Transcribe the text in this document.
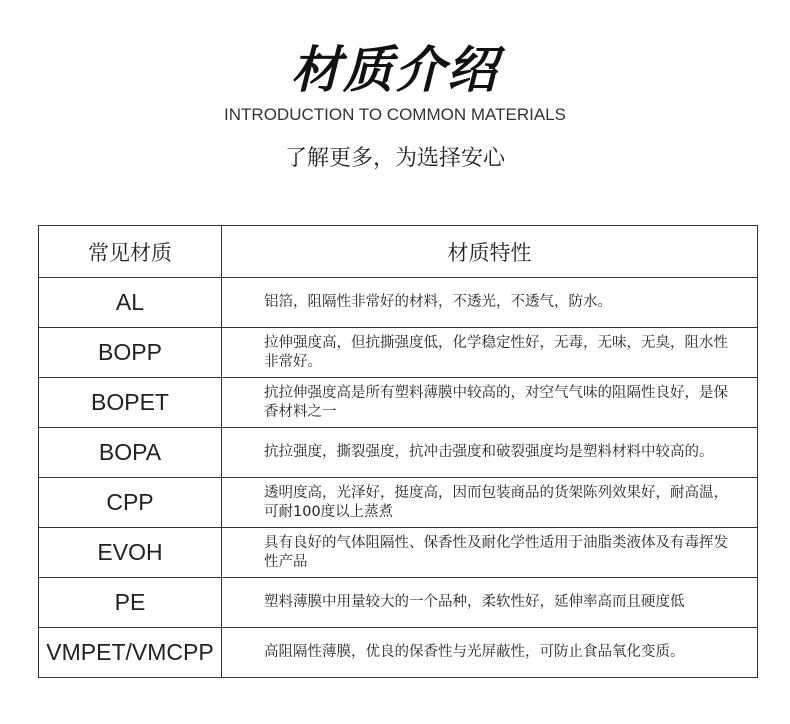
材质介绍
INTRODUCTION TO COMMON MATERIALS
了解更多，为选择安心
常见材质	材质特性
AL	铝箔，阻隔性非常好的材料，不透光，不透气，防水。
BOPP	拉伸强度高，但抗撕强度低，化学稳定性好，无毒，无味，无臭，阻水性非常好。
BOPET	抗拉伸强度高是所有塑料薄膜中较高的，对空气气味的阻隔性良好，是保香材料之一
BOPA	抗拉强度，撕裂强度，抗冲击强度和破裂强度均是塑料材料中较高的。
CPP	透明度高，光泽好，挺度高，因而包装商品的货架陈列效果好，耐高温，可耐100度以上蒸煮
EVOH	具有良好的气体阻隔性、保香性及耐化学性适用于油脂类液体及有毒挥发性产品
PE	塑料薄膜中用量较大的一个品种，柔软性好，延伸率高而且硬度低
VMPET/VMCPP	高阻隔性薄膜，优良的保香性与光屏蔽性，可防止食品氧化变质。
